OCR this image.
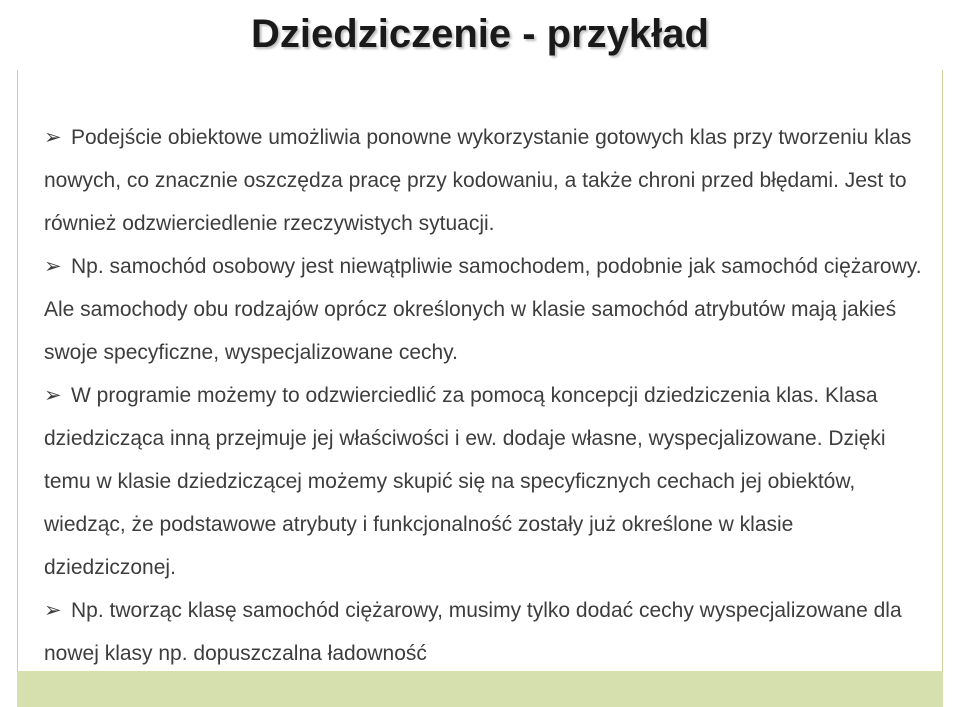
Dziedziczenie - przykład

➢ Podejście obiektowe umożliwia ponowne wykorzystanie gotowych klas przy tworzeniu klas nowych, co znacznie oszczędza pracę przy kodowaniu, a także chroni przed błędami. Jest to również odzwierciedlenie rzeczywistych sytuacji.

➢ Np. samochód osobowy jest niewątpliwie samochodem, podobnie jak samochód ciężarowy. Ale samochody obu rodzajów oprócz określonych w klasie samochód atrybutów mają jakieś swoje specyficzne, wyspecjalizowane cechy.

➢ W programie możemy to odzwierciedlić za pomocą koncepcji dziedziczenia klas. Klasa dziedzicząca inną przejmuje jej właściwości i ew. dodaje własne, wyspecjalizowane. Dzięki temu w klasie dziedziczącej możemy skupić się na specyficznych cechach jej obiektów, wiedząc, że podstawowe atrybuty i funkcjonalność zostały już określone w klasie dziedziczonej.

➢ Np. tworząc klasę samochód ciężarowy, musimy tylko dodać cechy wyspecjalizowane dla nowej klasy np. dopuszczalna ładowność
